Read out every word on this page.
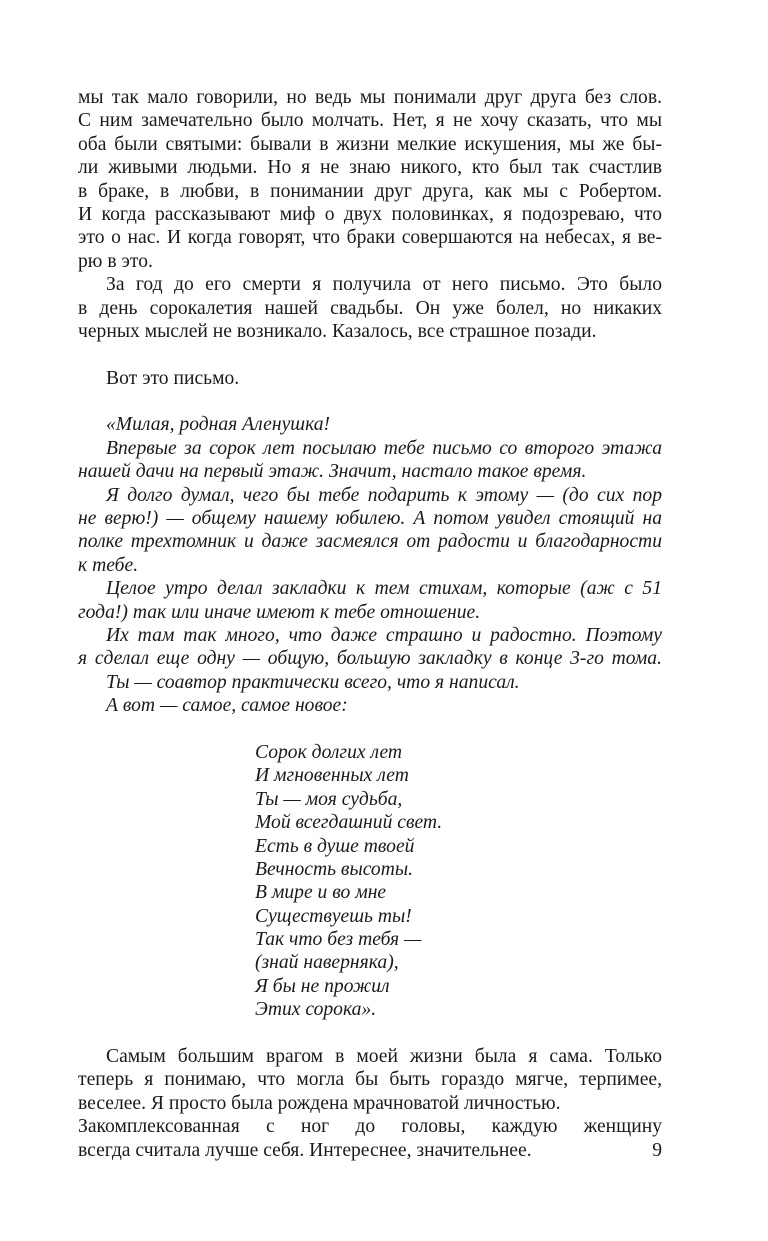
мы так мало говорили, но ведь мы понимали друг друга без слов.
С ним замечательно было молчать. Нет, я не хочу сказать, что мы
оба были святыми: бывали в жизни мелкие искушения, мы же бы-
ли живыми людьми. Но я не знаю никого, кто был так счастлив
в браке, в любви, в понимании друг друга, как мы с Робертом.
И когда рассказывают миф о двух половинках, я подозреваю, что
это о нас. И когда говорят, что браки совершаются на небесах, я ве-
рю в это.
За год до его смерти я получила от него письмо. Это было
в день сорокалетия нашей свадьбы. Он уже болел, но никаких
черных мыслей не возникало. Казалось, все страшное позади.
Вот это письмо.
«Милая, родная Аленушка!
Впервые за сорок лет посылаю тебе письмо со второго этажа
нашей дачи на первый этаж. Значит, настало такое время.
Я долго думал, чего бы тебе подарить к этому — (до сих пор
не верю!) — общему нашему юбилею. А потом увидел стоящий на
полке трехтомник и даже засмеялся от радости и благодарности
к тебе.
Целое утро делал закладки к тем стихам, которые (аж с 51
года!) так или иначе имеют к тебе отношение.
Их там так много, что даже страшно и радостно. Поэтому
я сделал еще одну — общую, большую закладку в конце 3-го тома.
Ты — соавтор практически всего, что я написал.
А вот — самое, самое новое:
Сорок долгих лет
И мгновенных лет
Ты — моя судьба,
Мой всегдашний свет.
Есть в душе твоей
Вечность высоты.
В мире и во мне
Существуешь ты!
Так что без тебя —
(знай наверняка),
Я бы не прожил
Этих сорока».
Самым большим врагом в моей жизни была я сама. Только
теперь я понимаю, что могла бы быть гораздо мягче, терпимее,
веселее. Я просто была рождена мрачноватой личностью.
Закомплексованная с ног до головы, каждую женщину
всегда считала лучше себя. Интереснее, значительнее.	9
